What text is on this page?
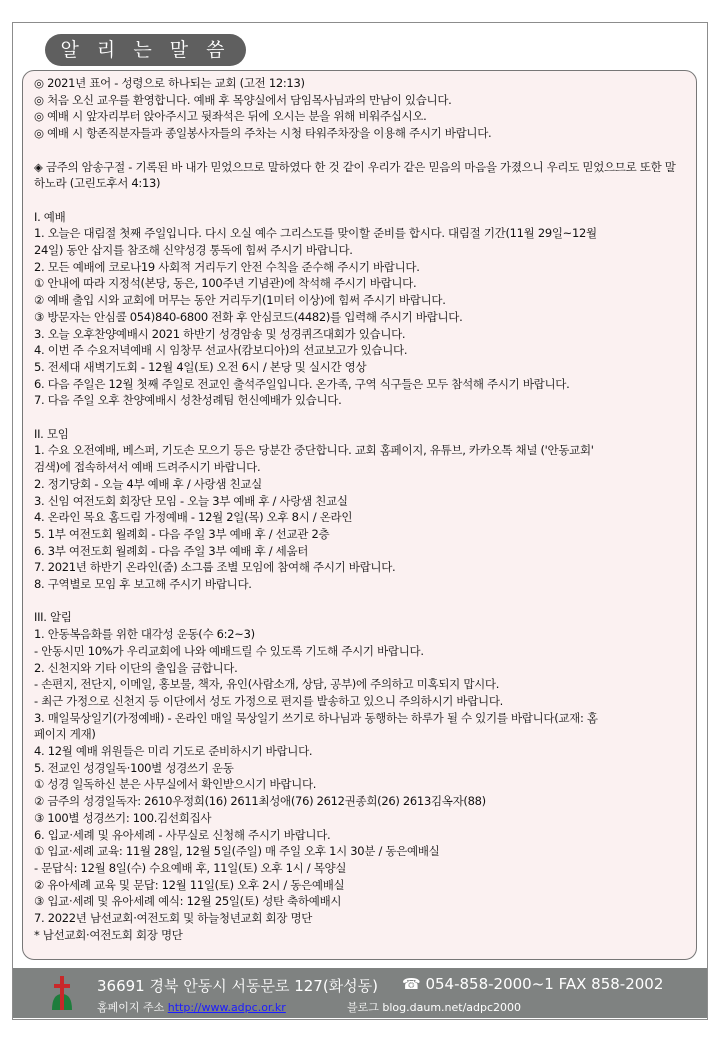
알 리 는 말 씀
◎ 2021년 표어 - 성령으로 하나되는 교회 (고전 12:13)
◎ 처음 오신 교우를 환영합니다. 예배 후 목양실에서 담임목사님과의 만남이 있습니다.
◎ 예배 시 앞자리부터 앉아주시고 뒷좌석은 뒤에 오시는 분을 위해 비워주십시오.
◎ 예배 시 항존직분자들과 종일봉사자들의 주차는 시청 타워주차장을 이용해 주시기 바랍니다.
◈ 금주의 암송구절 - 기록된 바 내가 믿었으므로 말하였다 한 것 같이 우리가 같은 믿음의 마음을 가졌으니 우리도 믿었으므로 또한 말하노라 (고린도후서 4:13)
I. 예배
1. 오늘은 대림절 첫째 주일입니다. 다시 오실 예수 그리스도를 맞이할 준비를 합시다. 대림절 기간(11월 29일~12월
24일) 동안 삽지를 참조해 신약성경 통독에 힘써 주시기 바랍니다.
2. 모든 예배에 코로나19 사회적 거리두기 안전 수칙을 준수해 주시기 바랍니다.
① 안내에 따라 지정석(본당, 동은, 100주년 기념관)에 착석해 주시기 바랍니다.
② 예배 출입 시와 교회에 머무는 동안 거리두기(1미터 이상)에 힘써 주시기 바랍니다.
③ 방문자는 안심콜 054)840-6800 전화 후 안심코드(4482)를 입력해 주시기 바랍니다.
3. 오늘 오후찬양예배시 2021 하반기 성경암송 및 성경퀴즈대회가 있습니다.
4. 이번 주 수요저녁예배 시 임창무 선교사(캄보디아)의 선교보고가 있습니다.
5. 전세대 새벽기도회 - 12월 4일(토) 오전 6시 / 본당 및 실시간 영상
6. 다음 주일은 12월 첫째 주일로 전교인 출석주일입니다. 온가족, 구역 식구들은 모두 참석해 주시기 바랍니다.
7. 다음 주일 오후 찬양예배시 성찬성례팀 헌신예배가 있습니다.
II. 모임
1. 수요 오전예배, 베스퍼, 기도손 모으기 등은 당분간 중단합니다. 교회 홈페이지, 유튜브, 카카오톡 채널 ('안동교회'
검색)에 접속하셔서 예배 드려주시기 바랍니다.
2. 정기당회 - 오늘 4부 예배 후 / 사랑샘 친교실
3. 신임 여전도회 회장단 모임 - 오늘 3부 예배 후 / 사랑샘 친교실
4. 온라인 목요 홈드림 가정예배 - 12월 2일(목) 오후 8시 / 온라인
5. 1부 여전도회 월례회 - 다음 주일 3부 예배 후 / 선교관 2층
6. 3부 여전도회 월례회 - 다음 주일 3부 예배 후 / 세움터
7. 2021년 하반기 온라인(줌) 소그룹 조별 모임에 참여해 주시기 바랍니다.
8. 구역별로 모임 후 보고해 주시기 바랍니다.
III. 알림
1. 안동복음화를 위한 대각성 운동(수 6:2~3)
- 안동시민 10%가 우리교회에 나와 예배드릴 수 있도록 기도해 주시기 바랍니다.
2. 신천지와 기타 이단의 출입을 금합니다.
- 손편지, 전단지, 이메일, 홍보물, 책자, 유인(사람소개, 상담, 공부)에 주의하고 미혹되지 맙시다.
- 최근 가정으로 신천지 등 이단에서 성도 가정으로 편지를 발송하고 있으니 주의하시기 바랍니다.
3. 매일묵상일기(가정예배) - 온라인 매일 묵상일기 쓰기로 하나님과 동행하는 하루가 될 수 있기를 바랍니다(교재: 홈
페이지 게재)
4. 12월 예배 위원들은 미리 기도로 준비하시기 바랍니다.
5. 전교인 성경일독·100별 성경쓰기 운동
① 성경 일독하신 분은 사무실에서 확인받으시기 바랍니다.
② 금주의 성경일독자: 2610우정희(16) 2611최성애(76) 2612권종희(26) 2613김옥자(88)
③ 100별 성경쓰기: 100.김선희집사
6. 입교·세례 및 유아세례 - 사무실로 신청해 주시기 바랍니다.
① 입교·세례 교육: 11월 28일, 12월 5일(주일) 매 주일 오후 1시 30분 / 동은예배실
- 문답식: 12월 8일(수) 수요예배 후, 11일(토) 오후 1시 / 목양실
② 유아세례 교육 및 문답: 12월 11일(토) 오후 2시 / 동은예배실
③ 입교·세례 및 유아세례 예식: 12월 25일(토) 성탄 축하예배시
7. 2022년 남선교회·여전도회 및 하늘청년교회 회장 명단
* 남선교회·여전도회 회장 명단
36691 경북 안동시 서동문로 127(화성동) ☎ 054-858-2000~1 FAX 858-2002
홈페이지 주소 http://www.adpc.or.kr	블로그 blog.daum.net/adpc2000
